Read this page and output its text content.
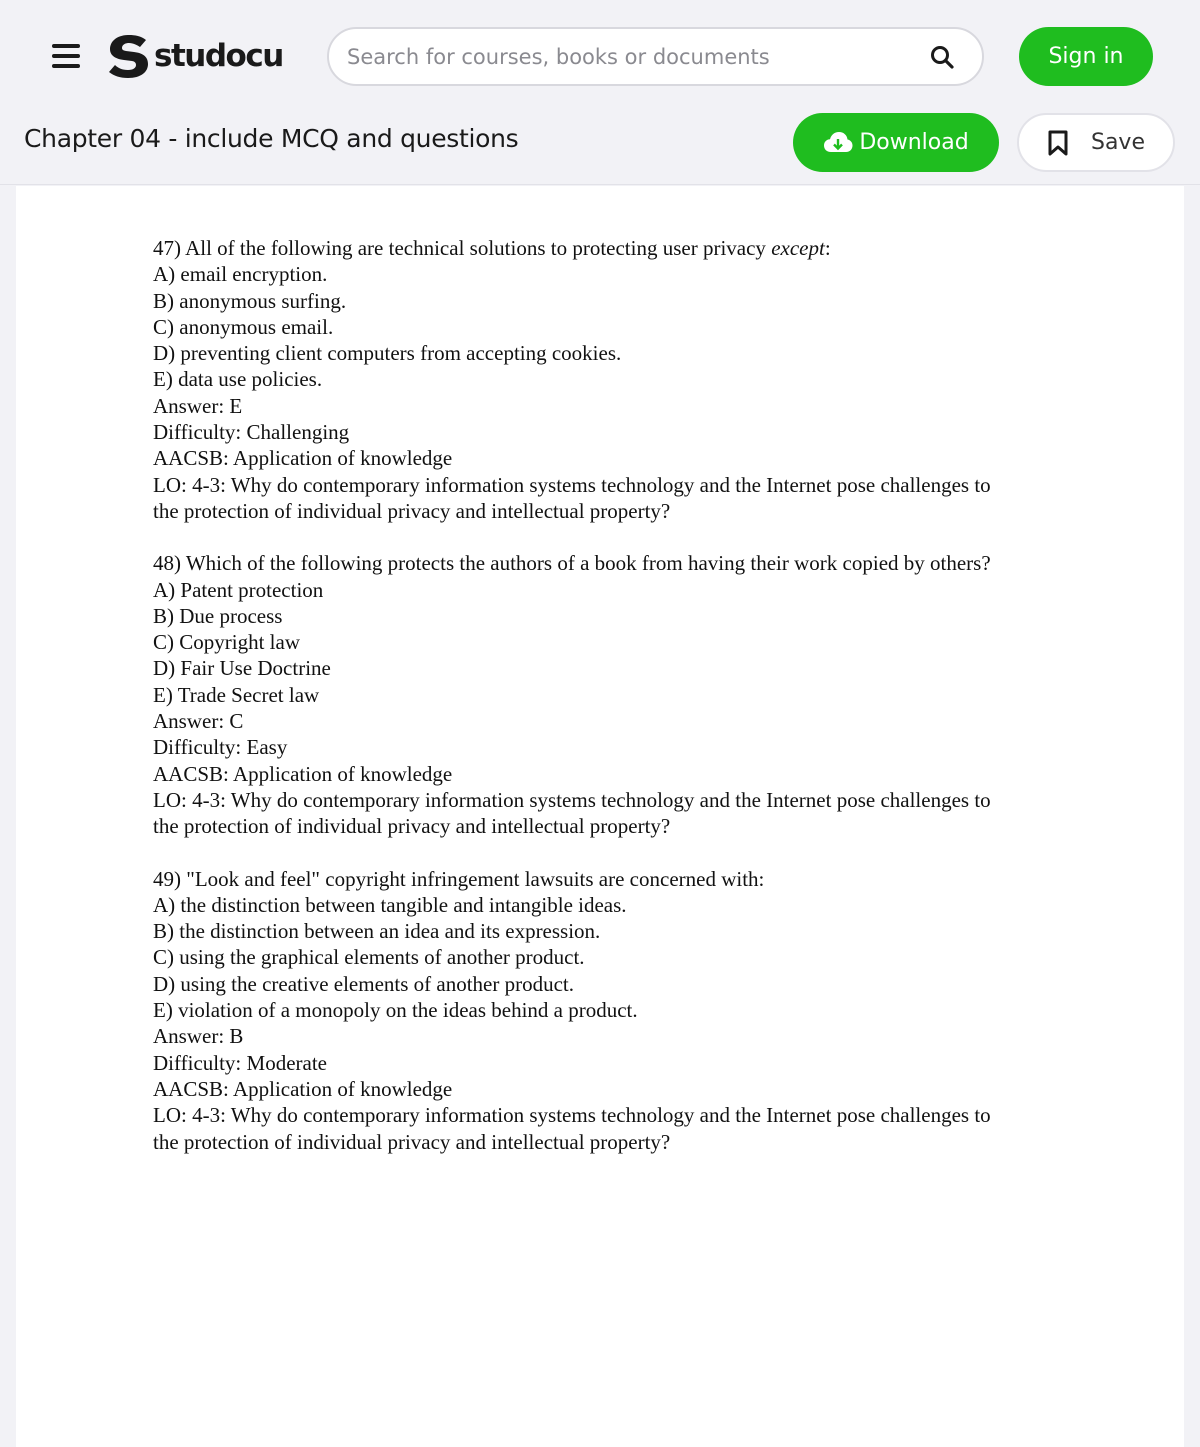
studocu
Search for courses, books or documents	Sign in
Chapter 04 - include MCQ and questions	Download	Save

47) All of the following are technical solutions to protecting user privacy except:

A) email encryption.

B) anonymous surfing.

C) anonymous email.

D) preventing client computers from accepting cookies.

E) data use policies.

Answer: E

Difficulty: Challenging

AACSB: Application of knowledge

LO: 4-3: Why do contemporary information systems technology and the Internet pose challenges to the protection of individual privacy and intellectual property?

48) Which of the following protects the authors of a book from having their work copied by others?

A) Patent protection

B) Due process

C) Copyright law

D) Fair Use Doctrine

E) Trade Secret law

Answer: C

Difficulty: Easy

AACSB: Application of knowledge

LO: 4-3: Why do contemporary information systems technology and the Internet pose challenges to the protection of individual privacy and intellectual property?

49) "Look and feel" copyright infringement lawsuits are concerned with:

A) the distinction between tangible and intangible ideas.

B) the distinction between an idea and its expression.

C) using the graphical elements of another product.

D) using the creative elements of another product.

E) violation of a monopoly on the ideas behind a product.

Answer: B

Difficulty: Moderate

AACSB: Application of knowledge

LO: 4-3: Why do contemporary information systems technology and the Internet pose challenges to the protection of individual privacy and intellectual property?
